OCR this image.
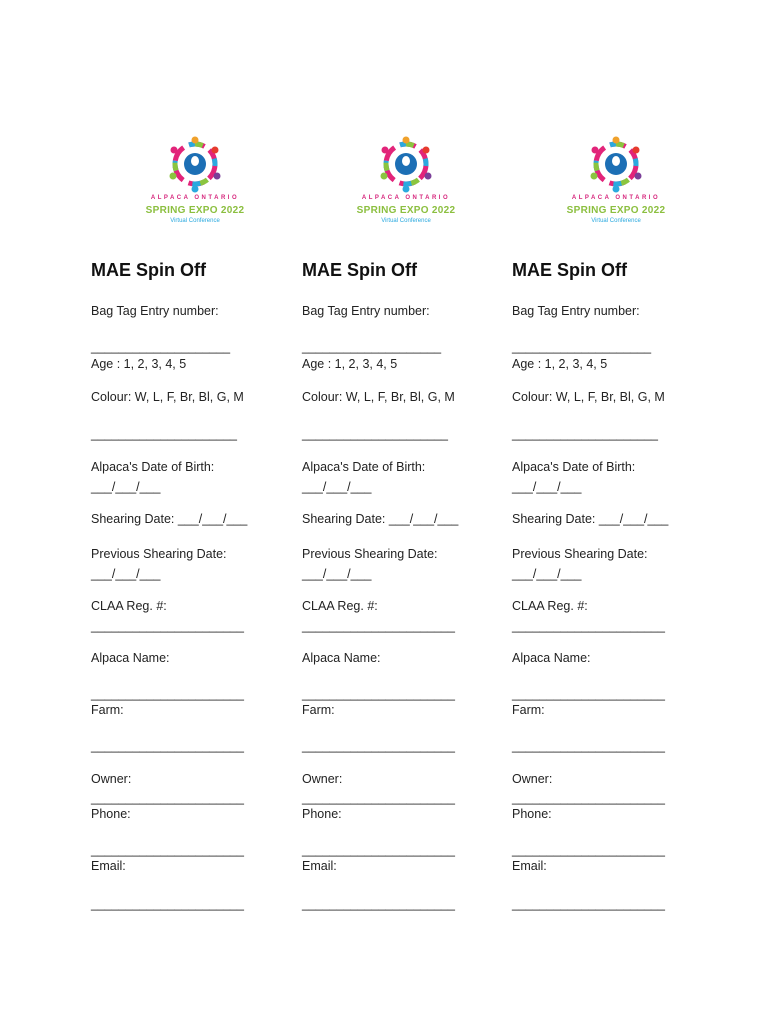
ALPACA ONTARIO
SPRING EXPO 2022
Virtual Conference
MAE Spin Off
Bag Tag Entry number:
____________________
Age : 1, 2, 3, 4, 5
Colour: W, L, F, Br, Bl, G, M
_____________________
Alpaca's Date of Birth:
___/___/___
Shearing Date: ___/___/___
Previous Shearing Date:
___/___/___
CLAA Reg. #:
______________________
Alpaca Name:
______________________
Farm:
______________________
Owner:
______________________
Phone:
______________________
Email:
______________________
ALPACA ONTARIO
SPRING EXPO 2022
Virtual Conference
MAE Spin Off
Bag Tag Entry number:
____________________
Age : 1, 2, 3, 4, 5
Colour: W, L, F, Br, Bl, G, M
_____________________
Alpaca's Date of Birth:
___/___/___
Shearing Date: ___/___/___
Previous Shearing Date:
___/___/___
CLAA Reg. #:
______________________
Alpaca Name:
______________________
Farm:
______________________
Owner:
______________________
Phone:
______________________
Email:
______________________
ALPACA ONTARIO
SPRING EXPO 2022
Virtual Conference
MAE Spin Off
Bag Tag Entry number:
____________________
Age : 1, 2, 3, 4, 5
Colour: W, L, F, Br, Bl, G, M
_____________________
Alpaca's Date of Birth:
___/___/___
Shearing Date: ___/___/___
Previous Shearing Date:
___/___/___
CLAA Reg. #:
______________________
Alpaca Name:
______________________
Farm:
______________________
Owner:
______________________
Phone:
______________________
Email:
______________________
